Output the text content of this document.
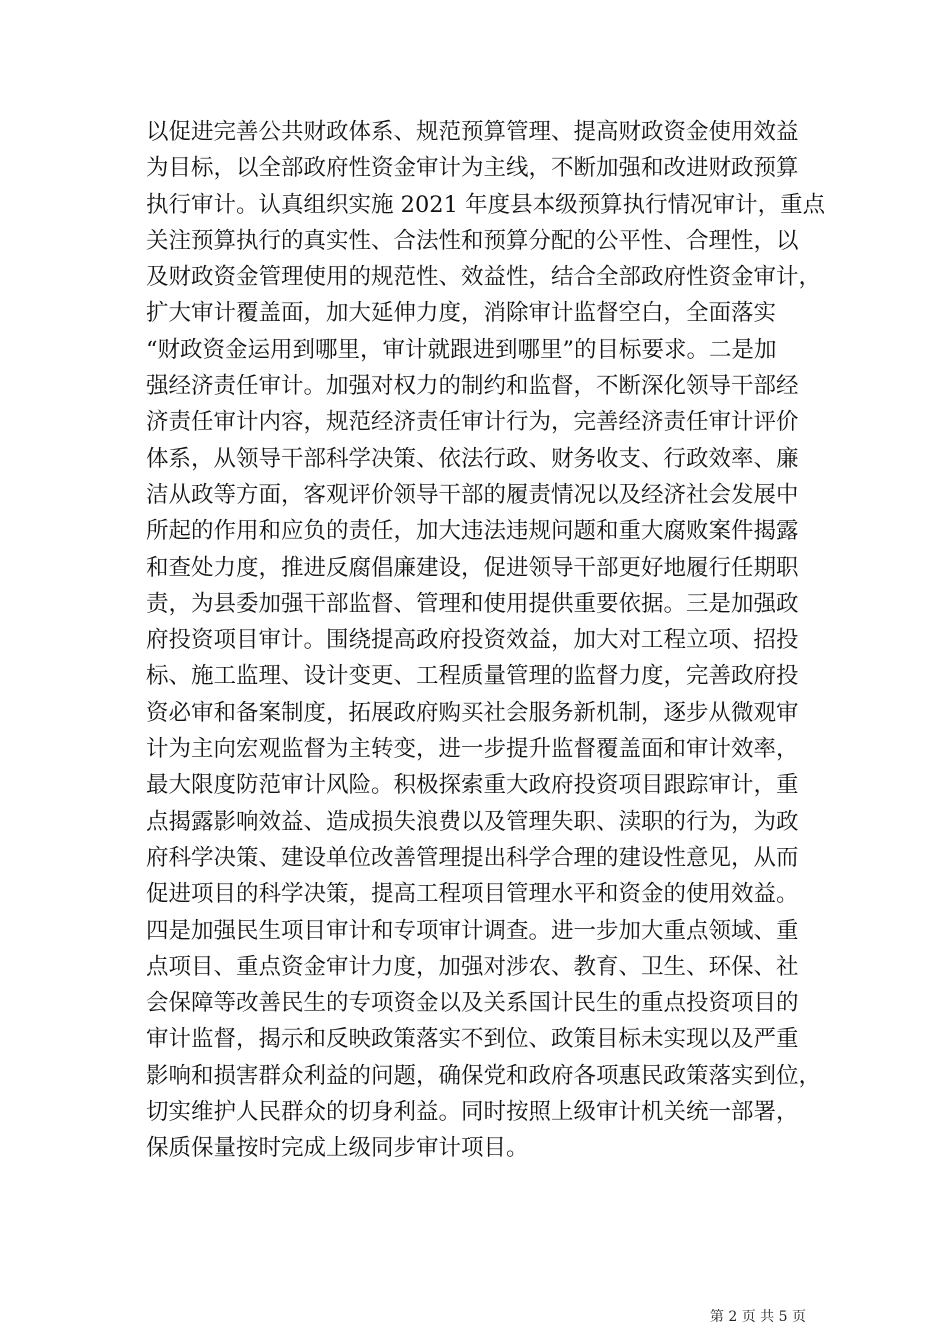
以促进完善公共财政体系、规范预算管理、提高财政资金使用效益
为目标，以全部政府性资金审计为主线，不断加强和改进财政预算
执行审计。认真组织实施 2021 年度县本级预算执行情况审计，重点
关注预算执行的真实性、合法性和预算分配的公平性、合理性，以
及财政资金管理使用的规范性、效益性，结合全部政府性资金审计，
扩大审计覆盖面，加大延伸力度，消除审计监督空白，全面落实
“财政资金运用到哪里，审计就跟进到哪里”的目标要求。二是加
强经济责任审计。加强对权力的制约和监督，不断深化领导干部经
济责任审计内容，规范经济责任审计行为，完善经济责任审计评价
体系，从领导干部科学决策、依法行政、财务收支、行政效率、廉
洁从政等方面，客观评价领导干部的履责情况以及经济社会发展中
所起的作用和应负的责任，加大违法违规问题和重大腐败案件揭露
和查处力度，推进反腐倡廉建设，促进领导干部更好地履行任期职
责，为县委加强干部监督、管理和使用提供重要依据。三是加强政
府投资项目审计。围绕提高政府投资效益，加大对工程立项、招投
标、施工监理、设计变更、工程质量管理的监督力度，完善政府投
资必审和备案制度，拓展政府购买社会服务新机制，逐步从微观审
计为主向宏观监督为主转变，进一步提升监督覆盖面和审计效率，
最大限度防范审计风险。积极探索重大政府投资项目跟踪审计，重
点揭露影响效益、造成损失浪费以及管理失职、渎职的行为，为政
府科学决策、建设单位改善管理提出科学合理的建设性意见，从而
促进项目的科学决策，提高工程项目管理水平和资金的使用效益。
四是加强民生项目审计和专项审计调查。进一步加大重点领域、重
点项目、重点资金审计力度，加强对涉农、教育、卫生、环保、社
会保障等改善民生的专项资金以及关系国计民生的重点投资项目的
审计监督，揭示和反映政策落实不到位、政策目标未实现以及严重
影响和损害群众利益的问题，确保党和政府各项惠民政策落实到位，
切实维护人民群众的切身利益。同时按照上级审计机关统一部署，
保质保量按时完成上级同步审计项目。
第 2 页 共 5 页
